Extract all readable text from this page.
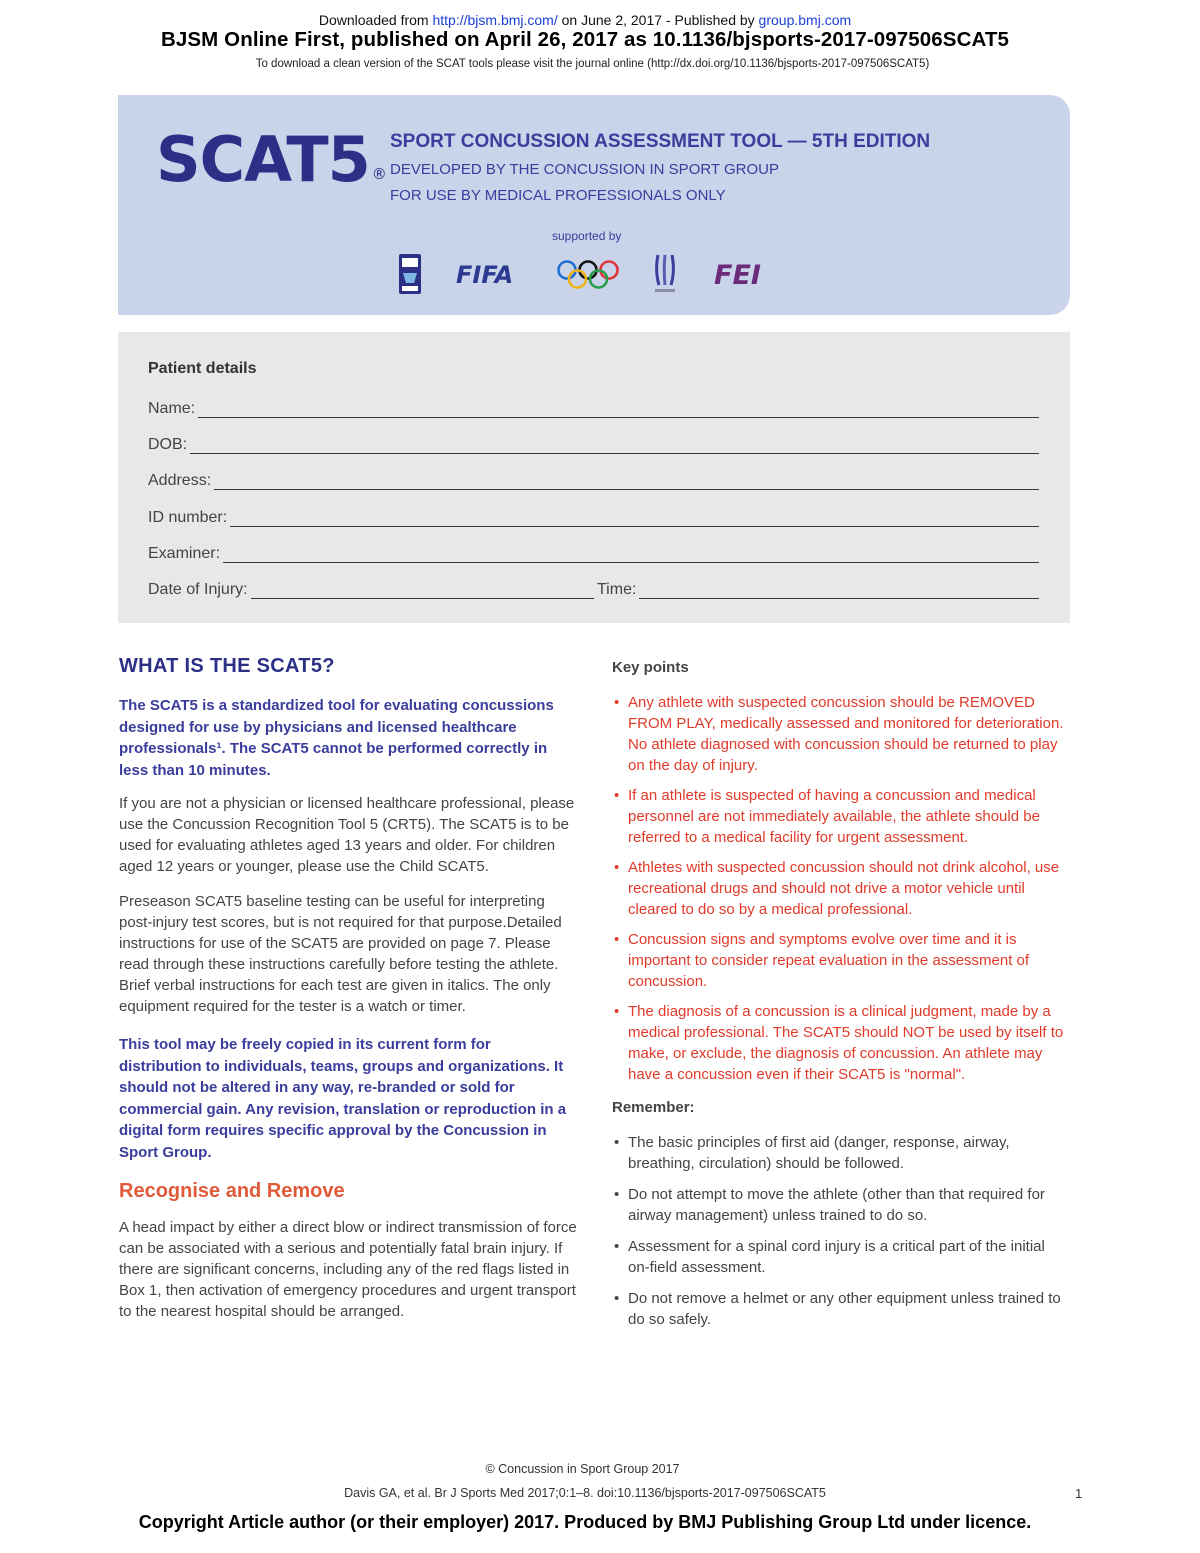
Downloaded from http://bjsm.bmj.com/ on June 2, 2017 - Published by group.bmj.com
BJSM Online First, published on April 26, 2017 as 10.1136/bjsports-2017-097506SCAT5
To download a clean version of the SCAT tools please visit the journal online (http://dx.doi.org/10.1136/bjsports-2017-097506SCAT5)
SCAT5 ®
SPORT CONCUSSION ASSESSMENT TOOL — 5TH EDITION
DEVELOPED BY THE CONCUSSION IN SPORT GROUP
FOR USE BY MEDICAL PROFESSIONALS ONLY
supported by
FIFA	FEI
Patient details
Name:
DOB:
Address:
ID number:
Examiner:
Date of Injury:	Time:
WHAT IS THE SCAT5?

The SCAT5 is a standardized tool for evaluating concussions designed for use by physicians and licensed healthcare professionals¹. The SCAT5 cannot be performed correctly in less than 10 minutes.

If you are not a physician or licensed healthcare professional, please use the Concussion Recognition Tool 5 (CRT5). The SCAT5 is to be used for evaluating athletes aged 13 years and older. For children aged 12 years or younger, please use the Child SCAT5.

Preseason SCAT5 baseline testing can be useful for interpreting post-injury test scores, but is not required for that purpose.Detailed instructions for use of the SCAT5 are provided on page 7. Please read through these instructions carefully before testing the athlete. Brief verbal instructions for each test are given in italics. The only equipment required for the tester is a watch or timer.

This tool may be freely copied in its current form for distribution to individuals, teams, groups and organizations. It should not be altered in any way, re-branded or sold for commercial gain. Any revision, translation or reproduction in a digital form requires specific approval by the Concussion in Sport Group.

Recognise and Remove

A head impact by either a direct blow or indirect transmission of force can be associated with a serious and potentially fatal brain injury. If there are significant concerns, including any of the red flags listed in Box 1, then activation of emergency procedures and urgent transport to the nearest hospital should be arranged.

Key points
• Any athlete with suspected concussion should be REMOVED FROM PLAY, medically assessed and monitored for deterioration. No athlete diagnosed with concussion should be returned to play on the day of injury.
• If an athlete is suspected of having a concussion and medical personnel are not immediately available, the athlete should be referred to a medical facility for urgent assessment.
• Athletes with suspected concussion should not drink alcohol, use recreational drugs and should not drive a motor vehicle until cleared to do so by a medical professional.
• Concussion signs and symptoms evolve over time and it is important to consider repeat evaluation in the assessment of concussion.
• The diagnosis of a concussion is a clinical judgment, made by a medical professional. The SCAT5 should NOT be used by itself to make, or exclude, the diagnosis of concussion. An athlete may have a concussion even if their SCAT5 is "normal".
Remember:
• The basic principles of first aid (danger, response, airway, breathing, circulation) should be followed.
• Do not attempt to move the athlete (other than that required for airway management) unless trained to do so.
• Assessment for a spinal cord injury is a critical part of the initial on-field assessment.
• Do not remove a helmet or any other equipment unless trained to do so safely.
© Concussion in Sport Group 2017
Davis GA, et al. Br J Sports Med 2017;0:1–8. doi:10.1136/bjsports-2017-097506SCAT5	1
Copyright Article author (or their employer) 2017. Produced by BMJ Publishing Group Ltd under licence.
